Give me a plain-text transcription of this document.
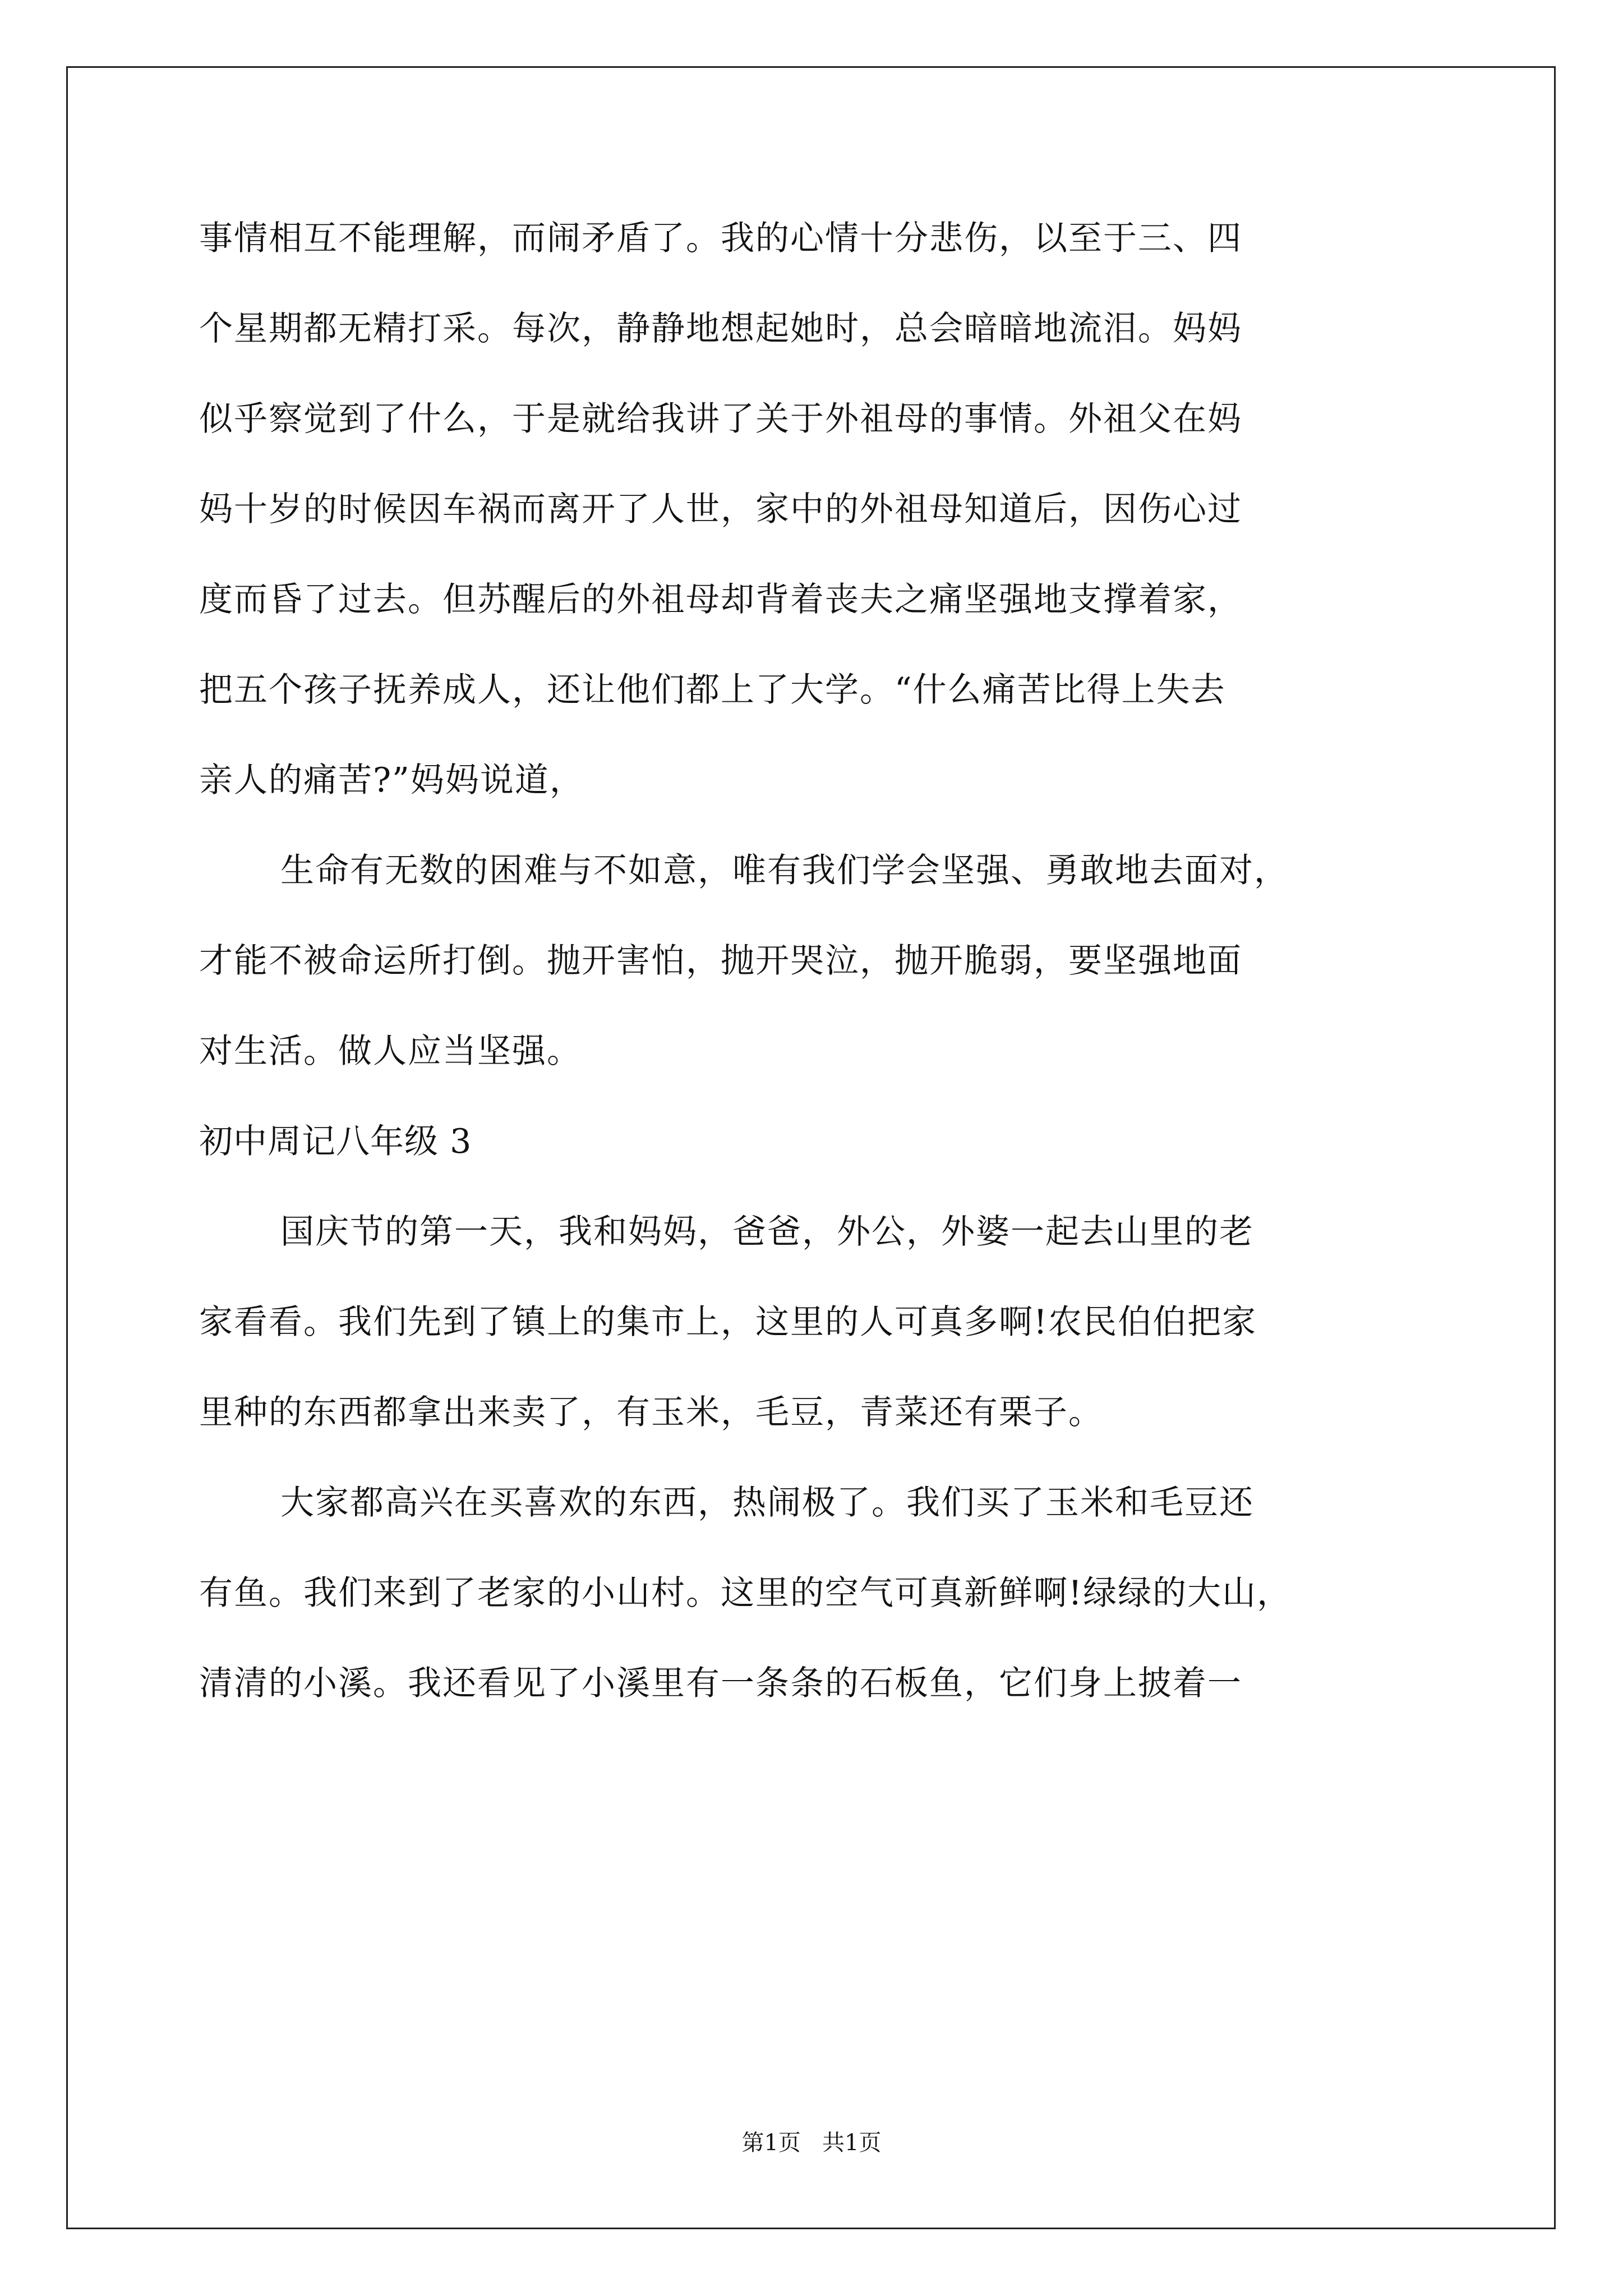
事情相互不能理解，而闹矛盾了。我的心情十分悲伤，以至于三、四
个星期都无精打采。每次，静静地想起她时，总会暗暗地流泪。妈妈
似乎察觉到了什么，于是就给我讲了关于外祖母的事情。外祖父在妈
妈十岁的时候因车祸而离开了人世，家中的外祖母知道后，因伤心过
度而昏了过去。但苏醒后的外祖母却背着丧夫之痛坚强地支撑着家，
把五个孩子抚养成人，还让他们都上了大学。“什么痛苦比得上失去
亲人的痛苦?”妈妈说道，
生命有无数的困难与不如意，唯有我们学会坚强、勇敢地去面对，
才能不被命运所打倒。抛开害怕，抛开哭泣，抛开脆弱，要坚强地面
对生活。做人应当坚强。
初中周记八年级 3
国庆节的第一天，我和妈妈，爸爸，外公，外婆一起去山里的老
家看看。我们先到了镇上的集市上，这里的人可真多啊!农民伯伯把家
里种的东西都拿出来卖了，有玉米，毛豆，青菜还有栗子。
大家都高兴在买喜欢的东西，热闹极了。我们买了玉米和毛豆还
有鱼。我们来到了老家的小山村。这里的空气可真新鲜啊!绿绿的大山，
清清的小溪。我还看见了小溪里有一条条的石板鱼，它们身上披着一
第1页   共1页
